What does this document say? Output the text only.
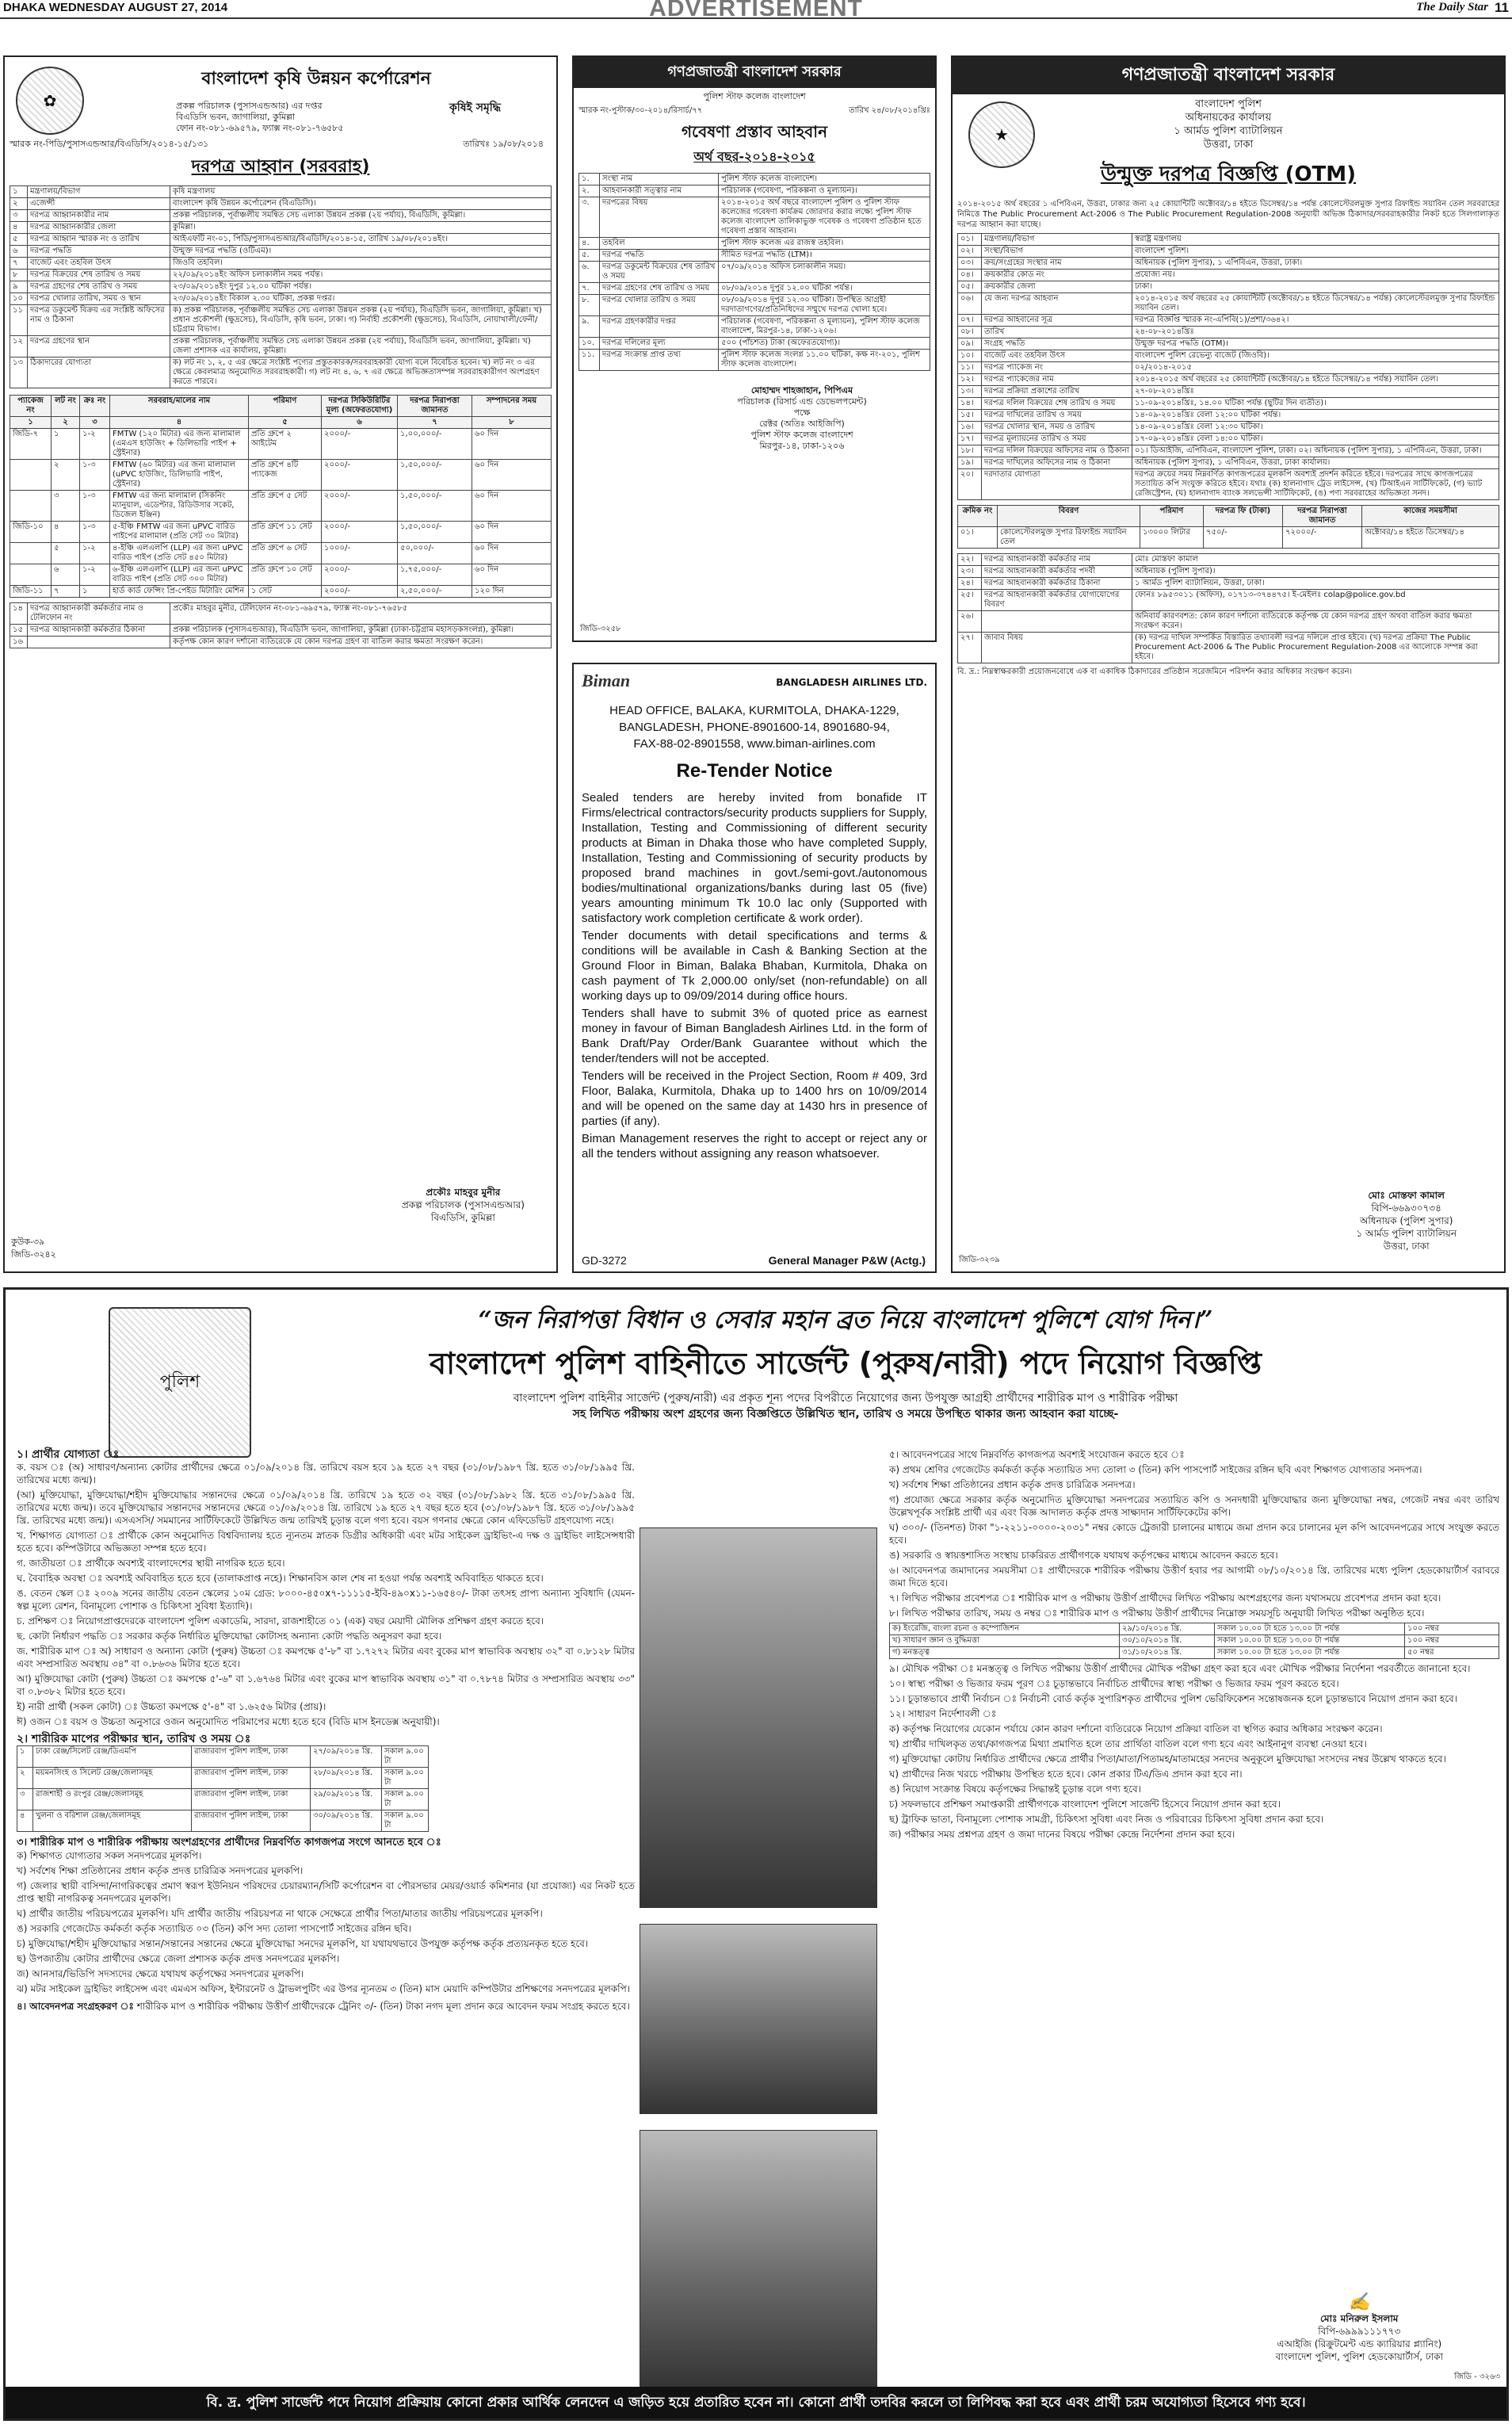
DHAKA WEDNESDAY AUGUST 27, 2014	ADVERTISEMENT	The Daily Star 11
✿
বাংলাদেশ কৃষি উন্নয়ন কর্পোরেশন
কৃষিই সমৃদ্ধি
প্রকল্প পরিচালক (পুসাসএন্ডআর) এর দপ্তর
বিএডিসি ভবন, জাগালিয়া, কুমিল্লা
ফোন নং-০৮১-৬৯৫৭৯, ফ্যাক্স নং-০৮১-৭৬৫৮৫
স্মারক নং-পিডি/পুসাসএন্ডআর/বিএডিসি/২০১৪-১৫/১৩১	তারিখঃ ১৯/০৮/২০১৪
দরপত্র আহ্বান (সরবরাহ)
১	মন্ত্রণালয়/বিভাগ	কৃষি মন্ত্রণালয়
২	এজেন্সী	বাংলাদেশ কৃষি উন্নয়ন কর্পোরেশন (বিএডিসি)।
৩	দরপত্র আহ্বানকারীর নাম	প্রকল্প পরিচালক, পূর্বাঞ্চলীয় সমন্বিত সেচ এলাকা উন্নয়ন প্রকল্প (২য় পর্যায়), বিএডিসি, কুমিল্লা।
৪	দরপত্র আহ্বানকারীর জেলা	কুমিল্লা।
৫	দরপত্র আহ্বান স্মারক নং ও তারিখ	আইএফটি নং-০১, পিডি/পুসাসএন্ডআর/বিএডিসি/২০১৪-১৫, তারিখ ১৯/০৮/২০১৪ইং।
৬	দরপত্র পদ্ধতি	উন্মুক্ত দরপত্র পদ্ধতি (ওটিএম)।
৭	বাজেট এবং তহবিল উৎস	জিওবি তহবিল।
৮	দরপত্র বিক্রয়ের শেষ তারিখ ও সময়	২২/০৯/২০১৪ইং অফিস চলাকালীন সময় পর্যন্ত।
৯	দরপত্র গ্রহণের শেষ তারিখ ও সময়	২৩/০৯/২০১৪ইং দুপুর ১২.০০ ঘটিকা পর্যন্ত।
১০	দরপত্র খোলার তারিখ, সময় ও স্থান	২৩/০৯/২০১৪ইং বিকাল ২.৩০ ঘটিকা, প্রকল্প দপ্তর।
১১	দরপত্র ডকুমেন্ট বিক্রয় এর সংশ্লিষ্ট অফিসের নাম ও ঠিকানা	ক) প্রকল্প পরিচালক, পূর্বাঞ্চলীয় সমন্বিত সেচ এলাকা উন্নয়ন প্রকল্প (২য় পর্যায়), বিএডিসি ভবন, জাগালিয়া, কুমিল্লা। খ) প্রধান প্রকৌশলী (ক্ষুদ্রসেচ), বিএডিসি, কৃষি ভবন, ঢাকা। গ) নির্বাহী প্রকৌশলী (ক্ষুদ্রসেচ), বিএডিসি, নোয়াখালী/ফেনী/চট্টগ্রাম বিভাগ।
১২	দরপত্র গ্রহণের স্থান	প্রকল্প পরিচালক, পূর্বাঞ্চলীয় সমন্বিত সেচ এলাকা উন্নয়ন প্রকল্প (২য় পর্যায়), বিএডিসি ভবন, জাগালিয়া, কুমিল্লা। খ) জেলা প্রশাসক এর কার্যালয়, কুমিল্লা।
১৩	ঠিকাদারের যোগ্যতা	ক) লট নং ১, ২, ৫ এর ক্ষেত্রে সংশ্লিষ্ট পণ্যের প্রস্তুতকারক/সরবরাহকারী যোগ্য বলে বিবেচিত হবেন। খ) লট নং ৩ এর ক্ষেত্রে কেবলমাত্র অনুমোদিত সরবরাহকারী। গ) লট নং ৪, ৬, ৭ এর ক্ষেত্রে অভিজ্ঞতাসম্পন্ন সরবরাহকারীগণ অংশগ্রহণ করতে পারবে।
প্যাকেজ নং	লট নং	ক্রঃ নং	সরবরাহ/মালের নাম	পরিমাণ	দরপত্র সিকিউরিটির মূল্য (অফেরতযোগ্য)	দরপত্র নিরাপত্তা জামানত	সম্পাদনের সময়
১	২	৩	৪	৫	৬	৭	৮
জিডি-৭	১	১-২	FMTW (১২০ মিটার) এর জন্য মালামাল (এমএস হাউজিং + ডিলিভারি পাইপ + স্ট্রেইনার)	প্রতি গ্রুপে ২ আইটেম	২০০০/-	১,০০,০০০/-	৬০ দিন
	২	১-৩	FMTW (৬০ মিটার) এর জন্য মালামাল (uPVC হাউজিং, ডিলিভারি পাইপ, স্ট্রেইনার)	প্রতি গ্রুপে ৪টি প্যাকেজ	২০০০/-	১,৫০,০০০/-	৬০ দিন
	৩	১-৩	FMTW এর জন্য মালামাল (সিকনিং ম্যানুয়াল, এডেপ্টার, রিডিউসার সকেট, ডিজেল ইঞ্জিন)	প্রতি গ্রুপে ৫ সেট	২০০০/-	১,৫০,০০০/-	৬০ দিন
জিডি-১০	৪	১-৩	৫-ইঞ্চি FMTW এর জন্য uPVC বারিড পাইপের মালামাল (প্রতি সেট ৩০ মিটার)	প্রতি গ্রুপে ১১ সেট	২০০০/-	১,৫০,০০০/-	৬০ দিন
	৫	১-২	৪-ইঞ্চি এলএলপি (LLP) এর জন্য uPVC বারিড পাইপ (প্রতি সেট ৪৫০ মিটার)	প্রতি গ্রুপে ৬ সেট	১০০০/-	৫০,০০০/-	৬০ দিন
	৬	১-২	৬-ইঞ্চি এলএলপি (LLP) এর জন্য uPVC বারিড পাইপ (প্রতি সেট ৩০০ মিটার)	প্রতি গ্রুপে ১০ সেট	২০০০/-	১,৭৫,০০০/-	৬০ দিন
জিডি-১১	৭	১	হার্ড কার্ড ফেন্সিং প্রি-পেইড মিটারিং মেশিন	১ সেট	২০০০/-	২,৫০,০০০/-	১২০ দিন
১৪	দরপত্র আহ্বানকারী কর্মকর্তার নাম ও টেলিফোন নং	প্রকৌঃ মাহবুর মুনীর, টেলিফোন নং-০৮১-৬৯৫৭৯, ফ্যাক্স নং-০৮১-৭৬৫৮৫
১৫	দরপত্র আহ্বানকারী কর্মকর্তার ঠিকানা	প্রকল্প পরিচালক (পুসাসএন্ডআর), বিএডিসি ভবন, জাগালিয়া, কুমিল্লা (ঢাকা-চট্টগ্রাম মহাসড়কসংলগ্ন), কুমিল্লা।
১৬		কর্তৃপক্ষ কোন কারণ দর্শানো ব্যতিরেকে যে কোন দরপত্র গ্রহণ বা বাতিল করার ক্ষমতা সংরক্ষণ করেন।
প্রকৌঃ মাহবুর মুনীর
প্রকল্প পরিচালক (পুসাসএন্ডআর)
বিএডিসি, কুমিল্লা
কুউক-৩৯
জিডি-৩২৪২
গণপ্রজাতন্ত্রী বাংলাদেশ সরকার
পুলিশ স্টাফ কলেজ বাংলাদেশ
স্মারক নং-পুস্টাক/৩০-২০১৪/রিসার্চ/৭৭	তারিখ ২৪/০৮/২০১৪খ্রিঃ
গবেষণা প্রস্তাব আহবান
অর্থ বছর-২০১৪-২০১৫
১.	সংস্থা নাম	পুলিশ স্টাফ কলেজ বাংলাদেশ।
২.	আহবানকারী সত্ত্বার নাম	পরিচালক (গবেষণা, পরিকল্পনা ও মূল্যায়ন)।
৩.	দরপত্রের বিষয়	২০১৪-২০১৫ অর্থ বছরে বাংলাদেশ পুলিশ ও পুলিশ স্টাফ কলেজের গবেষণা কার্যক্রম জোরদার করার লক্ষ্যে পুলিশ স্টাফ কলেজ বাংলাদেশ তালিকাভুক্ত গবেষক ও গবেষণা প্রতিষ্ঠান হতে গবেষণা প্রস্তাব আহবান।
৪.	তহবিল	পুলিশ স্টাফ কলেজ এর রাজস্ব তহবিল।
৫.	দরপত্র পদ্ধতি	সীমিত দরপত্র পদ্ধতি (LTM)।
৬.	দরপত্র ডকুমেন্ট বিক্রয়ের শেষ তারিখ ও সময়	০৭/০৯/২০১৪ অফিস চলাকালীন সময়।
৭.	দরপত্র গ্রহণের শেষ তারিখ ও সময়	০৮/০৯/২০১৪ দুপুর ১২.০০ ঘটিকা পর্যন্ত।
৮.	দরপত্র খোলার তারিখ ও সময়	০৮/০৯/২০১৪ দুপুর ১২.৩০ ঘটিকা। উপস্থিত আগ্রহী দরদাতাগণের/প্রতিনিধিদের সম্মুখে দরপত্র খোলা হবে।
৯.	দরপত্র গ্রহণকারীর দপ্তর	পরিচালক (গবেষণা, পরিকল্পনা ও মূল্যায়ন), পুলিশ স্টাফ কলেজ বাংলাদেশ, মিরপুর-১৪, ঢাকা-১২০৬।
১০.	দরপত্র দলিলের মূল্য	৫০০ (পাঁচশত) টাকা (অফেরতযোগ্য)।
১১.	দরপত্র সংক্রান্ত প্রাপ্ত তথ্য	পুলিশ স্টাফ কলেজ সংলগ্ন ১১.০০ ঘটিকা, কক্ষ নং-২০১, পুলিশ স্টাফ কলেজ বাংলাদেশ।
মোহাম্মদ শাহজাহান, পিপিএম
পরিচালক (রিসার্চ এন্ড ডেভেলপমেন্ট)
পক্ষে
রেক্টর (অতিঃ আইজিপি)
পুলিশ স্টাফ কলেজ বাংলাদেশ
মিরপুর-১৪, ঢাকা-১২০৬
জিডি-৩২৫৮
Biman	BANGLADESH AIRLINES LTD.
HEAD OFFICE, BALAKA, KURMITOLA, DHAKA-1229,
BANGLADESH, PHONE-8901600-14, 8901680-94,
FAX-88-02-8901558, www.biman-airlines.com
Re-Tender Notice

Sealed tenders are hereby invited from bonafide IT Firms/electrical contractors/security products suppliers for Supply, Installation, Testing and Commissioning of different security products at Biman in Dhaka those who have completed Supply, Installation, Testing and Commissioning of security products by proposed brand machines in govt./semi-govt./autonomous bodies/multinational organizations/banks during last 05 (five) years amounting minimum Tk 10.0 lac only (Supported with satisfactory work completion certificate & work order).

Tender documents with detail specifications and terms & conditions will be available in Cash & Banking Section at the Ground Floor in Biman, Balaka Bhaban, Kurmitola, Dhaka on cash payment of Tk 2,000.00 only/set (non-refundable) on all working days up to 09/09/2014 during office hours.

Tenders shall have to submit 3% of quoted price as earnest money in favour of Biman Bangladesh Airlines Ltd. in the form of Bank Draft/Pay Order/Bank Guarantee without which the tender/tenders will not be accepted.

Tenders will be received in the Project Section, Room # 409, 3rd Floor, Balaka, Kurmitola, Dhaka up to 1400 hrs on 10/09/2014 and will be opened on the same day at 1430 hrs in presence of parties (if any).

Biman Management reserves the right to accept or reject any or all the tenders without assigning any reason whatsoever.

GD-3272	General Manager P&W (Actg.)
গণপ্রজাতন্ত্রী বাংলাদেশ সরকার
★
বাংলাদেশ পুলিশ
অধিনায়কের কার্যালয়
১ আর্মড পুলিশ ব্যাটালিয়ন
উত্তরা, ঢাকা
উন্মুক্ত দরপত্র বিজ্ঞপ্তি (OTM)
২০১৪-২০১৫ অর্থ বছরের ১ এপিবিএন, উত্তরা, ঢাকার জন্য ২৫ কোয়ান্টিটি অক্টোবর/১৪ হইতে ডিসেম্বর/১৪ পর্যন্ত কোলেস্টেরলমুক্ত সুপার রিফাইন্ড সয়াবিন তেল সরবরাহের নিমিত্তে The Public Procurement Act-2006 ও The Public Procurement Regulation-2008 অনুযায়ী অভিজ্ঞ ঠিকাদার/সরবরাহকারীর নিকট হতে সিলগালাকৃত দরপত্র আহ্বান করা যাচ্ছে।
০১।	মন্ত্রণালয়/বিভাগ	স্বরাষ্ট্র মন্ত্রণালয়
০২।	সংস্থা/বিভাগ	বাংলাদেশ পুলিশ।
০৩।	ক্রয়/সংগ্রহের সংস্থার নাম	অধিনায়ক (পুলিশ সুপার), ১ এপিবিএন, উত্তরা, ঢাকা।
০৪।	ক্রয়কারীর কোড নং	প্রযোজ্য নয়।
০৫।	ক্রয়কারীর জেলা	ঢাকা।
০৬।	যে জন্য দরপত্র আহবান	২০১৪-২০১৫ অর্থ বছরের ২৫ কোয়ান্টিটি (অক্টোবর/১৪ হইতে ডিসেম্বর/১৪ পর্যন্ত) কোলেস্টেরলমুক্ত সুপার রিফাইন্ড সয়াবিন তেল।
০৭।	দরপত্র আহবানের সূত্র	দরপত্র বিজ্ঞপ্তি স্মারক নং-এপিবি(১)/প্রশা/৩৬৪২।
০৮।	তারিখ	২৪-০৮-২০১৪খ্রিঃ
০৯।	সংগ্রহ পদ্ধতি	উন্মুক্ত দরপত্র পদ্ধতি (OTM)।
১০।	বাজেট এবং তহবিল উৎস	বাংলাদেশ পুলিশ রেভেন্যু বাজেট (জিওবি)।
১১।	দরপত্র প্যাকেজ নং	০২/২০১৪-২০১৫
১২।	দরপত্র প্যাকেজের নাম	২০১৪-২০১৫ অর্থ বছরের ২৫ কোয়ান্টিটি (অক্টোবর/১৪ হইতে ডিসেম্বর/১৪ পর্যন্ত) সয়াবিন তেল।
১৩।	দরপত্র প্রক্রিয়া প্রকাশের তারিখ	২৭-০৮-২০১৪খ্রিঃ
১৪।	দরপত্র দলিল বিক্রয়ের শেষ তারিখ ও সময়	১১-০৯-২০১৪খ্রিঃ, ১৪.০০ ঘটিকা পর্যন্ত (ছুটির দিন ব্যতীত)।
১৫।	দরপত্র দাখিলের তারিখ ও সময়	১৪-০৯-২০১৪খ্রিঃ বেলা ১২:০০ ঘটিকা পর্যন্ত।
১৬।	দরপত্র খোলার স্থান, সময় ও তারিখ	১৪-০৯-২০১৪খ্রিঃ বেলা ১২:৩০ ঘটিকা।
১৭।	দরপত্র মূল্যায়নের তারিখ ও সময়	১৭-০৯-২০১৪খ্রিঃ বেলা ১৪:০০ ঘটিকা।
১৮।	দরপত্র দলিল বিক্রয়ের অফিসের নাম ও ঠিকানা	০১। ডিআইজি, এপিবিএন, বাংলাদেশ পুলিশ, ঢাকা। ০২। অধিনায়ক (পুলিশ সুপার), ১ এপিবিএন, উত্তরা, ঢাকা।
১৯।	দরপত্র দাখিলের অফিসের নাম ও ঠিকানা	অধিনায়ক (পুলিশ সুপার), ১ এপিবিএন, উত্তরা, ঢাকা কার্যালয়।
২০।	দরদাতার যোগ্যতা	দরপত্র ক্রয়ের সময় নিম্নবর্ণিত কাগজপত্রের মূলকপি অবশ্যই প্রদর্শন করিতে হইবে। দরপত্রের সাথে কাগজপত্রের সত্যায়িত কপি সংযুক্ত করিতে হইবে। যথাঃ (ক) হালনাগাদ ট্রেড লাইসেন্স, (খ) টিআইএন সার্টিফিকেট, (গ) ভ্যাট রেজিস্ট্রেশন, (ঘ) হালনাগাদ ব্যাংক সলভেন্সী সার্টিফিকেট, (ঙ) পণ্য সরবরাহের অভিজ্ঞতা সনদ।
ক্রমিক নং	বিবরণ	পরিমাণ	দরপত্র ফি (টাকা)	দরপত্র নিরাপত্তা জামানত	কাজের সময়সীমা
০১।	কোলেস্টেরলমুক্ত সুপার রিফাইন্ড সয়াবিন তেল	১৩০০০ লিটার	৭৫০/-	৭২০০০/-	অক্টোবর/১৪ হইতে ডিসেম্বর/১৪
২২।	দরপত্র আহবানকারী কর্মকর্তার নাম	মোঃ মোস্তফা কামাল
২৩।	দরপত্র আহবানকারী কর্মকর্তার পদবী	অধিনায়ক (পুলিশ সুপার)।
২৪।	দরপত্র আহবানকারী কর্মকর্তার ঠিকানা	১ আর্মড পুলিশ ব্যাটালিয়ন, উত্তরা, ঢাকা।
২৫।	দরপত্র আহবানকারী কর্মকর্তার যোগাযোগের বিবরণ	ফোনঃ ৮৯৫৩০১১ (অফিস), ০১৭১৩-৩৭৪৪৭৫। ই-মেইলঃ colap@police.gov.bd
২৬।		অনিবার্য কারণবশত: কোন কারণ দর্শানো ব্যতিরেকে কর্তৃপক্ষ যে কোন দরপত্র গ্রহণ অথবা বাতিল করার ক্ষমতা সংরক্ষণ করেন।
২৭।	জাবাব বিষয়	(ক) দরপত্র দাখিল সম্পর্কিত বিস্তারিত তথ্যাবলী দরপত্র দলিলে প্রাপ্ত হইবে। (খ) দরপত্র প্রক্রিয়া The Public Procurement Act-2006 & The Public Procurement Regulation-2008 এর আলোকে সম্পন্ন করা হইবে।
বি. দ্র.: নিম্নস্বাক্ষরকারী প্রয়োজনবোধে এক বা একাধিক ঠিকাদারের প্রতিষ্ঠান সরেজমিনে পরিদর্শন করার অধিকার সংরক্ষণ করেন।
মোঃ মোস্তফা কামাল
বিপি-৬৬৯৩০৭৩৪
অধিনায়ক (পুলিশ সুপার)
১ আর্মড পুলিশ ব্যাটালিয়ন
উত্তরা, ঢাকা
জিডি-৩২৩৯
“জন নিরাপত্তা বিধান ও সেবার মহান ব্রত নিয়ে বাংলাদেশ পুলিশে যোগ দিন।”
বাংলাদেশ পুলিশ বাহিনীতে সার্জেন্ট (পুরুষ/নারী) পদে নিয়োগ বিজ্ঞপ্তি
পুলিশ
বাংলাদেশ পুলিশ বাহিনীর সার্জেন্ট (পুরুষ/নারী) এর প্রকৃত শূন্য পদের বিপরীতে নিয়োগের জন্য উপযুক্ত আগ্রহী প্রার্থীদের শারীরিক মাপ ও শারীরিক পরীক্ষা
সহ লিখিত পরীক্ষায় অংশ গ্রহণের জন্য বিজ্ঞপ্তিতে উল্লিখিত স্থান, তারিখ ও সময়ে উপস্থিত থাকার জন্য আহবান করা যাচ্ছে-
১। প্রার্থীর যোগ্যতা ঃ
ক. বয়স ঃ (অ) সাধারণ/অন্যান্য কোটার প্রার্থীদের ক্ষেত্রে ০১/০৯/২০১৪ খ্রি. তারিখে বয়স হবে ১৯ হতে ২৭ বছর (৩১/০৮/১৯৮৭ খ্রি. হতে ৩১/০৮/১৯৯৫ খ্রি. তারিখের মধ্যে জন্ম)।
(আ) মুক্তিযোদ্ধা, মুক্তিযোদ্ধা/শহীদ মুক্তিযোদ্ধার সন্তানদের ক্ষেত্রে ০১/০৯/২০১৪ খ্রি. তারিখে ১৯ হতে ৩২ বছর (৩১/০৮/১৯৮২ খ্রি. হতে ৩১/০৮/১৯৯৫ খ্রি. তারিখের মধ্যে জন্ম)। তবে মুক্তিযোদ্ধার সন্তানদের সন্তানদের ক্ষেত্রে ০১/০৯/২০১৪ খ্রি. তারিখে ১৯ হতে ২৭ বছর হতে হবে (৩১/০৮/১৯৮৭ খ্রি. হতে ৩১/০৮/১৯৯৫ খ্রি. তারিখের মধ্যে জন্ম)। এসএসসি/ সমমানের সার্টিফিকেটে উল্লিখিত জন্ম তারিখই চূড়ান্ত বলে গণ্য হবে। বয়স গণনার ক্ষেত্রে কোন এফিডেভিট গ্রহণযোগ্য নহে।
খ. শিক্ষাগত যোগ্যতা ঃ প্রার্থীকে কোন অনুমোদিত বিশ্ববিদ্যালয় হতে ন্যূনতম স্নাতক ডিগ্রীর অধিকারী এবং মটর সাইকেল ড্রাইভিং-এ দক্ষ ও ড্রাইভিং লাইসেন্সধারী হতে হবে। কম্পিউটারে অভিজ্ঞতা সম্পন্ন হতে হবে।
গ. জাতীয়তা ঃ প্রার্থীকে অবশ্যই বাংলাদেশের স্থায়ী নাগরিক হতে হবে।
ঘ. বৈবাহিক অবস্থা ঃ অবশ্যই অবিবাহিত হতে হবে (তালাকপ্রাপ্ত নহে)। শিক্ষানবিস কাল শেষ না হওয়া পর্যন্ত অবশ্যই অবিবাহিত থাকতে হবে।
ঙ. বেতন স্কেল ঃ ২০০৯ সনের জাতীয় বেতন স্কেলের ১০ম গ্রেড: ৮০০০-৪৫০x৭-১১১১৫-ইবি-৪৯০x১১-১৬৫৪০/- টাকা তৎসহ প্রাপ্য অন্যান্য সুবিধাদি (যেমন-স্বল্প মূল্যে রেশন, বিনামূল্যে পোশাক ও চিকিৎসা সুবিধা ইত্যাদি)।
চ. প্রশিক্ষণ ঃ নিয়োগপ্রাপ্তদেরকে বাংলাদেশ পুলিশ একাডেমি, সারদা, রাজশাহীতে ০১ (এক) বছর মেয়াদী মৌলিক প্রশিক্ষণ গ্রহণ করতে হবে।
ছ. কোটা নির্ধারণ পদ্ধতি ঃ সরকার কর্তৃক নির্ধারিত মুক্তিযোদ্ধা কোটাসহ অন্যান্য কোটা পদ্ধতি অনুসরণ করা হবে।
জ. শারীরিক মাপ ঃ অ) সাধারণ ও অন্যান্য কোটা (পুরুষ) উচ্চতা ঃ কমপক্ষে ৫'-৮" বা ১.৭২৭২ মিটার এবং বুকের মাপ স্বাভাবিক অবস্থায় ৩২" বা ০.৮১২৮ মিটার এবং সম্প্রসারিত অবস্থায় ৩৪" বা ০.৮৬৩৬ মিটার হতে হবে।
আ) মুক্তিযোদ্ধা কোটা (পুরুষ) উচ্চতা ঃ কমপক্ষে ৫'-৬" বা ১.৬৭৬৪ মিটার এবং বুকের মাপ স্বাভাবিক অবস্থায় ৩১" বা ০.৭৮৭৪ মিটার ও সম্প্রসারিত অবস্থায় ৩৩" বা ০.৮৩৮২ মিটার হতে হবে।
ই) নারী প্রার্থী (সকল কোটা) ঃ উচ্চতা কমপক্ষে ৫'-৪" বা ১.৬২৫৬ মিটার (প্রায়)।
ঈ) ওজন ঃ বয়স ও উচ্চতা অনুসারে ওজন অনুমোদিত পরিমাপের মধ্যে হতে হবে (বিডি মাস ইনডেক্স অনুযায়ী)।
২। শারীরিক মাপের পরীক্ষার স্থান, তারিখ ও সময় ঃ
১	ঢাকা রেঞ্জ/সিলেট রেঞ্জ/ডিএমপি	রাজারবাগ পুলিশ লাইন্স, ঢাকা	২৭/০৯/২০১৪ খ্রি.	সকাল ৯.০০ টা
২	ময়মনসিংহ ও সিলেট রেঞ্জ/জেলাসমূহ	রাজারবাগ পুলিশ লাইন্স, ঢাকা	২৮/০৯/২০১৪ খ্রি.	সকাল ৯.০০ টা
৩	রাজশাহী ও রংপুর রেঞ্জ/জেলাসমূহ	রাজারবাগ পুলিশ লাইন্স, ঢাকা	২৯/০৯/২০১৪ খ্রি.	সকাল ৯.০০ টা
৪	খুলনা ও বরিশাল রেঞ্জ/জেলাসমূহ	রাজারবাগ পুলিশ লাইন্স, ঢাকা	৩০/০৯/২০১৪ খ্রি.	সকাল ৯.০০ টা
৩। শারীরিক মাপ ও শারীরিক পরীক্ষায় অংশগ্রহণের প্রার্থীদের নিম্নবর্ণিত কাগজপত্র সংগে আনতে হবে ঃ
ক) শিক্ষাগত যোগ্যতার সকল সনদপত্রের মূলকপি।
খ) সর্বশেষ শিক্ষা প্রতিষ্ঠানের প্রধান কর্তৃক প্রদত্ত চারিত্রিক সনদপত্রের মূলকপি।
গ) জেলার স্থায়ী বাসিন্দা/নাগরিকত্বের প্রমাণ স্বরূপ ইউনিয়ন পরিষদের চেয়ারম্যান/সিটি কর্পোরেশন বা পৌরসভার মেয়র/ওয়ার্ড কমিশনার (যা প্রযোজ্য) এর নিকট হতে প্রাপ্ত স্থায়ী নাগরিকত্ব সনদপত্রের মূলকপি।
ঘ) প্রার্থীর জাতীয় পরিচয়পত্রের মূলকপি। যদি প্রার্থীর জাতীয় পরিচয়পত্র না থাকে সেক্ষেত্রে প্রার্থীর পিতা/মাতার জাতীয় পরিচয়পত্রের মূলকপি।
ঙ) সরকারি গেজেটেড কর্মকর্তা কর্তৃক সত্যায়িত ০৩ (তিন) কপি সদ্য তোলা পাসপোর্ট সাইজের রঙ্গিন ছবি।
চ) মুক্তিযোদ্ধা/শহীদ মুক্তিযোদ্ধার সন্তান/সন্তানের সন্তানের ক্ষেত্রে মুক্তিযোদ্ধা সনদের মূলকপি, যা যথাযথভাবে উপযুক্ত কর্তৃপক্ষ কর্তৃক প্রত্যয়নকৃত হতে হবে।
ছ) উপজাতীয় কোটার প্রার্থীদের ক্ষেত্রে জেলা প্রশাসক কর্তৃক প্রদত্ত সনদপত্রের মূলকপি।
জ) আনসার/ভিডিপি সদস্যদের ক্ষেত্রে যথাযথ কর্তৃপক্ষের সনদপত্রের মূলকপি।
ঝ) মটর সাইকেল ড্রাইভিং লাইসেন্স এবং এমএস অফিস, ইন্টারনেট ও ট্রাভলপুটিং এর উপর ন্যূনতম ৩ (তিন) মাস মেয়াদি কম্পিউটার প্রশিক্ষণের সনদপত্রের মূলকপি।
৪। আবেদনপত্র সংগ্রহকরণ ঃ শারীরিক মাপ ও শারীরিক পরীক্ষায় উত্তীর্ণ প্রার্থীদেরকে ট্রেনিং ৩/- (তিন) টাকা নগদ মূল্য প্রদান করে আবেদন ফরম সংগ্রহ করতে হবে।
৫। আবেদনপত্রের সাথে নিম্নবর্ণিত কাগজপত্র অবশ্যই সংযোজন করতে হবে ঃ
ক) প্রথম শ্রেণির গেজেটেড কর্মকর্তা কর্তৃক সত্যায়িত সদ্য তোলা ৩ (তিন) কপি পাসপোর্ট সাইজের রঙ্গিন ছবি এবং শিক্ষাগত যোগ্যতার সনদপত্র।
খ) সর্বশেষ শিক্ষা প্রতিষ্ঠানের প্রধান কর্তৃক প্রদত্ত চারিত্রিক সনদপত্র।
গ) প্রযোজ্য ক্ষেত্রে সরকার কর্তৃক অনুমোদিত মুক্তিযোদ্ধা সনদপত্রের সত্যায়িত কপি ও সনদধারী মুক্তিযোদ্ধার জন্য মুক্তিযোদ্ধা নম্বর, গেজেট নম্বর এবং তারিখ উল্লেখপূর্বক সংশ্লিষ্ট প্রার্থী এর এবং বিজ্ঞ আদালত কর্তৃক প্রদত্ত সাক্ষ্যদান সার্টিফিকেটের কপি।
ঘ) ৩০০/- (তিনশত) টাকা "১-২২১১-০০০০-২০৩১" নম্বর কোডে ট্রেজারী চালানের মাধ্যমে জমা প্রদান করে চালানের মূল কপি আবেদনপত্রের সাথে সংযুক্ত করতে হবে।
ঙ) সরকারি ও স্বায়ত্তশাসিত সংস্থায় চাকরিরত প্রার্থীগণকে যথাযথ কর্তৃপক্ষের মাধ্যমে আবেদন করতে হবে।
৬। আবেদনপত্র জমাদানের সময়সীমা ঃ প্রার্থীদেরকে শারীরিক পরীক্ষায় উত্তীর্ণ হবার পর আগামী ০৮/১০/২০১৪ খ্রি. তারিখের মধ্যে পুলিশ হেডকোয়ার্টার্স বরাবরে জমা দিতে হবে।
৭। লিখিত পরীক্ষার প্রবেশপত্র ঃ শারীরিক মাপ ও পরীক্ষায় উত্তীর্ণ প্রার্থীদের লিখিত পরীক্ষায় অংশগ্রহণের জন্য যথাসময়ে প্রবেশপত্র প্রদান করা হবে।
৮। লিখিত পরীক্ষার তারিখ, সময় ও নম্বর ঃ শারীরিক মাপ ও পরীক্ষায় উত্তীর্ণ প্রার্থীদের নিম্নোক্ত সময়সূচি অনুযায়ী লিখিত পরীক্ষা অনুষ্ঠিত হবে।
ক) ইংরেজি, বাংলা রচনা ও কম্পোজিশন	২৯/১০/২০১৪ খ্রি.	সকাল ১০.০০ টা হতে ১৩.০০ টা পর্যন্ত	১০০ নম্বর
খ) সাধারণ জ্ঞান ও বুদ্ধিমত্তা	৩০/১০/২০১৪ খ্রি.	সকাল ১০.০০ টা হতে ১৩.০০ টা পর্যন্ত	১০০ নম্বর
গ) মনস্তত্ত্ব	৩১/১০/২০১৪ খ্রি.	সকাল ১০.০০ টা হতে ১৩.০০ টা পর্যন্ত	৫০ নম্বর
৯। মৌখিক পরীক্ষা ঃ মনস্তত্ত্ব ও লিখিত পরীক্ষায় উত্তীর্ণ প্রার্থীদের মৌখিক পরীক্ষা গ্রহণ করা হবে এবং মৌখিক পরীক্ষার নির্দেশনা পরবর্তীতে জানানো হবে।
১০। স্বাস্থ্য পরীক্ষা ও ভিজার ফরম পূরণ ঃ চূড়ান্তভাবে নির্বাচিত প্রার্থীদের স্বাস্থ্য পরীক্ষা ও ভিজার ফরম পূরণ করতে হবে।
১১। চূড়ান্তভাবে প্রার্থী নির্বাচন ঃ নির্বাচনী বোর্ড কর্তৃক সুপারিশকৃত প্রার্থীদের পুলিশ ভেরিফিকেশন সন্তোষজনক হলে চূড়ান্তভাবে নিয়োগ প্রদান করা হবে।
১২। সাধারণ নির্দেশাবলী ঃ
ক) কর্তৃপক্ষ নিয়োগের যেকোন পর্যায়ে কোন কারণ দর্শানো ব্যতিরেকে নিয়োগ প্রক্রিয়া বাতিল বা স্থগিত করার অধিকার সংরক্ষণ করেন।
খ) প্রার্থীর দাখিলকৃত তথ্য/কাগজপত্র মিথ্যা প্রমাণিত হলে তার প্রার্থিতা বাতিল বলে গণ্য হবে এবং আইনানুগ ব্যবস্থা নেওয়া হবে।
গ) মুক্তিযোদ্ধা কোটায় নির্ধারিত প্রার্থীদের ক্ষেত্রে প্রার্থীর পিতা/মাতা/পিতামহ/মাতামহের সনদের অনুকূলে মুক্তিযোদ্ধা সংসদের নম্বর উল্লেখ থাকতে হবে।
ঘ) প্রার্থীদের নিজ খরচে পরীক্ষায় উপস্থিত হতে হবে। কোন প্রকার টিএ/ডিএ প্রদান করা হবে না।
ঙ) নিয়োগ সংক্রান্ত বিষয়ে কর্তৃপক্ষের সিদ্ধান্তই চূড়ান্ত বলে গণ্য হবে।
চ) সফলভাবে প্রশিক্ষণ সমাপ্তকারী প্রার্থীগণকে বাংলাদেশ পুলিশে সার্জেন্ট হিসেবে নিয়োগ প্রদান করা হবে।
ছ) ট্রাফিক ভাতা, বিনামূল্যে পোশাক সামগ্রী, চিকিৎসা সুবিধা এবং নিজ ও পরিবারের চিকিৎসা সুবিধা প্রদান করা হবে।
জ) পরীক্ষার সময় প্রশ্নপত্র গ্রহণ ও জমা দানের বিষয়ে পরীক্ষা কেন্দ্রে নির্দেশনা প্রদান করা হবে।
✍
মোঃ মনিরুল ইসলাম
বিপি-৬৯৯৯১১১৭৭৩
এআইজি (রিক্রুটমেন্ট এন্ড ক্যারিয়ার প্ল্যানিং)
বাংলাদেশ পুলিশ, পুলিশ হেডকোয়ার্টার্স, ঢাকা
জিডি - ৩২৬৩
বি. দ্র. পুলিশ সার্জেন্ট পদে নিয়োগ প্রক্রিয়ায় কোনো প্রকার আর্থিক লেনদেন এ জড়িত হয়ে প্রতারিত হবেন না। কোনো প্রার্থী তদবির করলে তা লিপিবদ্ধ করা হবে এবং প্রার্থী চরম অযোগ্যতা হিসেবে গণ্য হবে।
